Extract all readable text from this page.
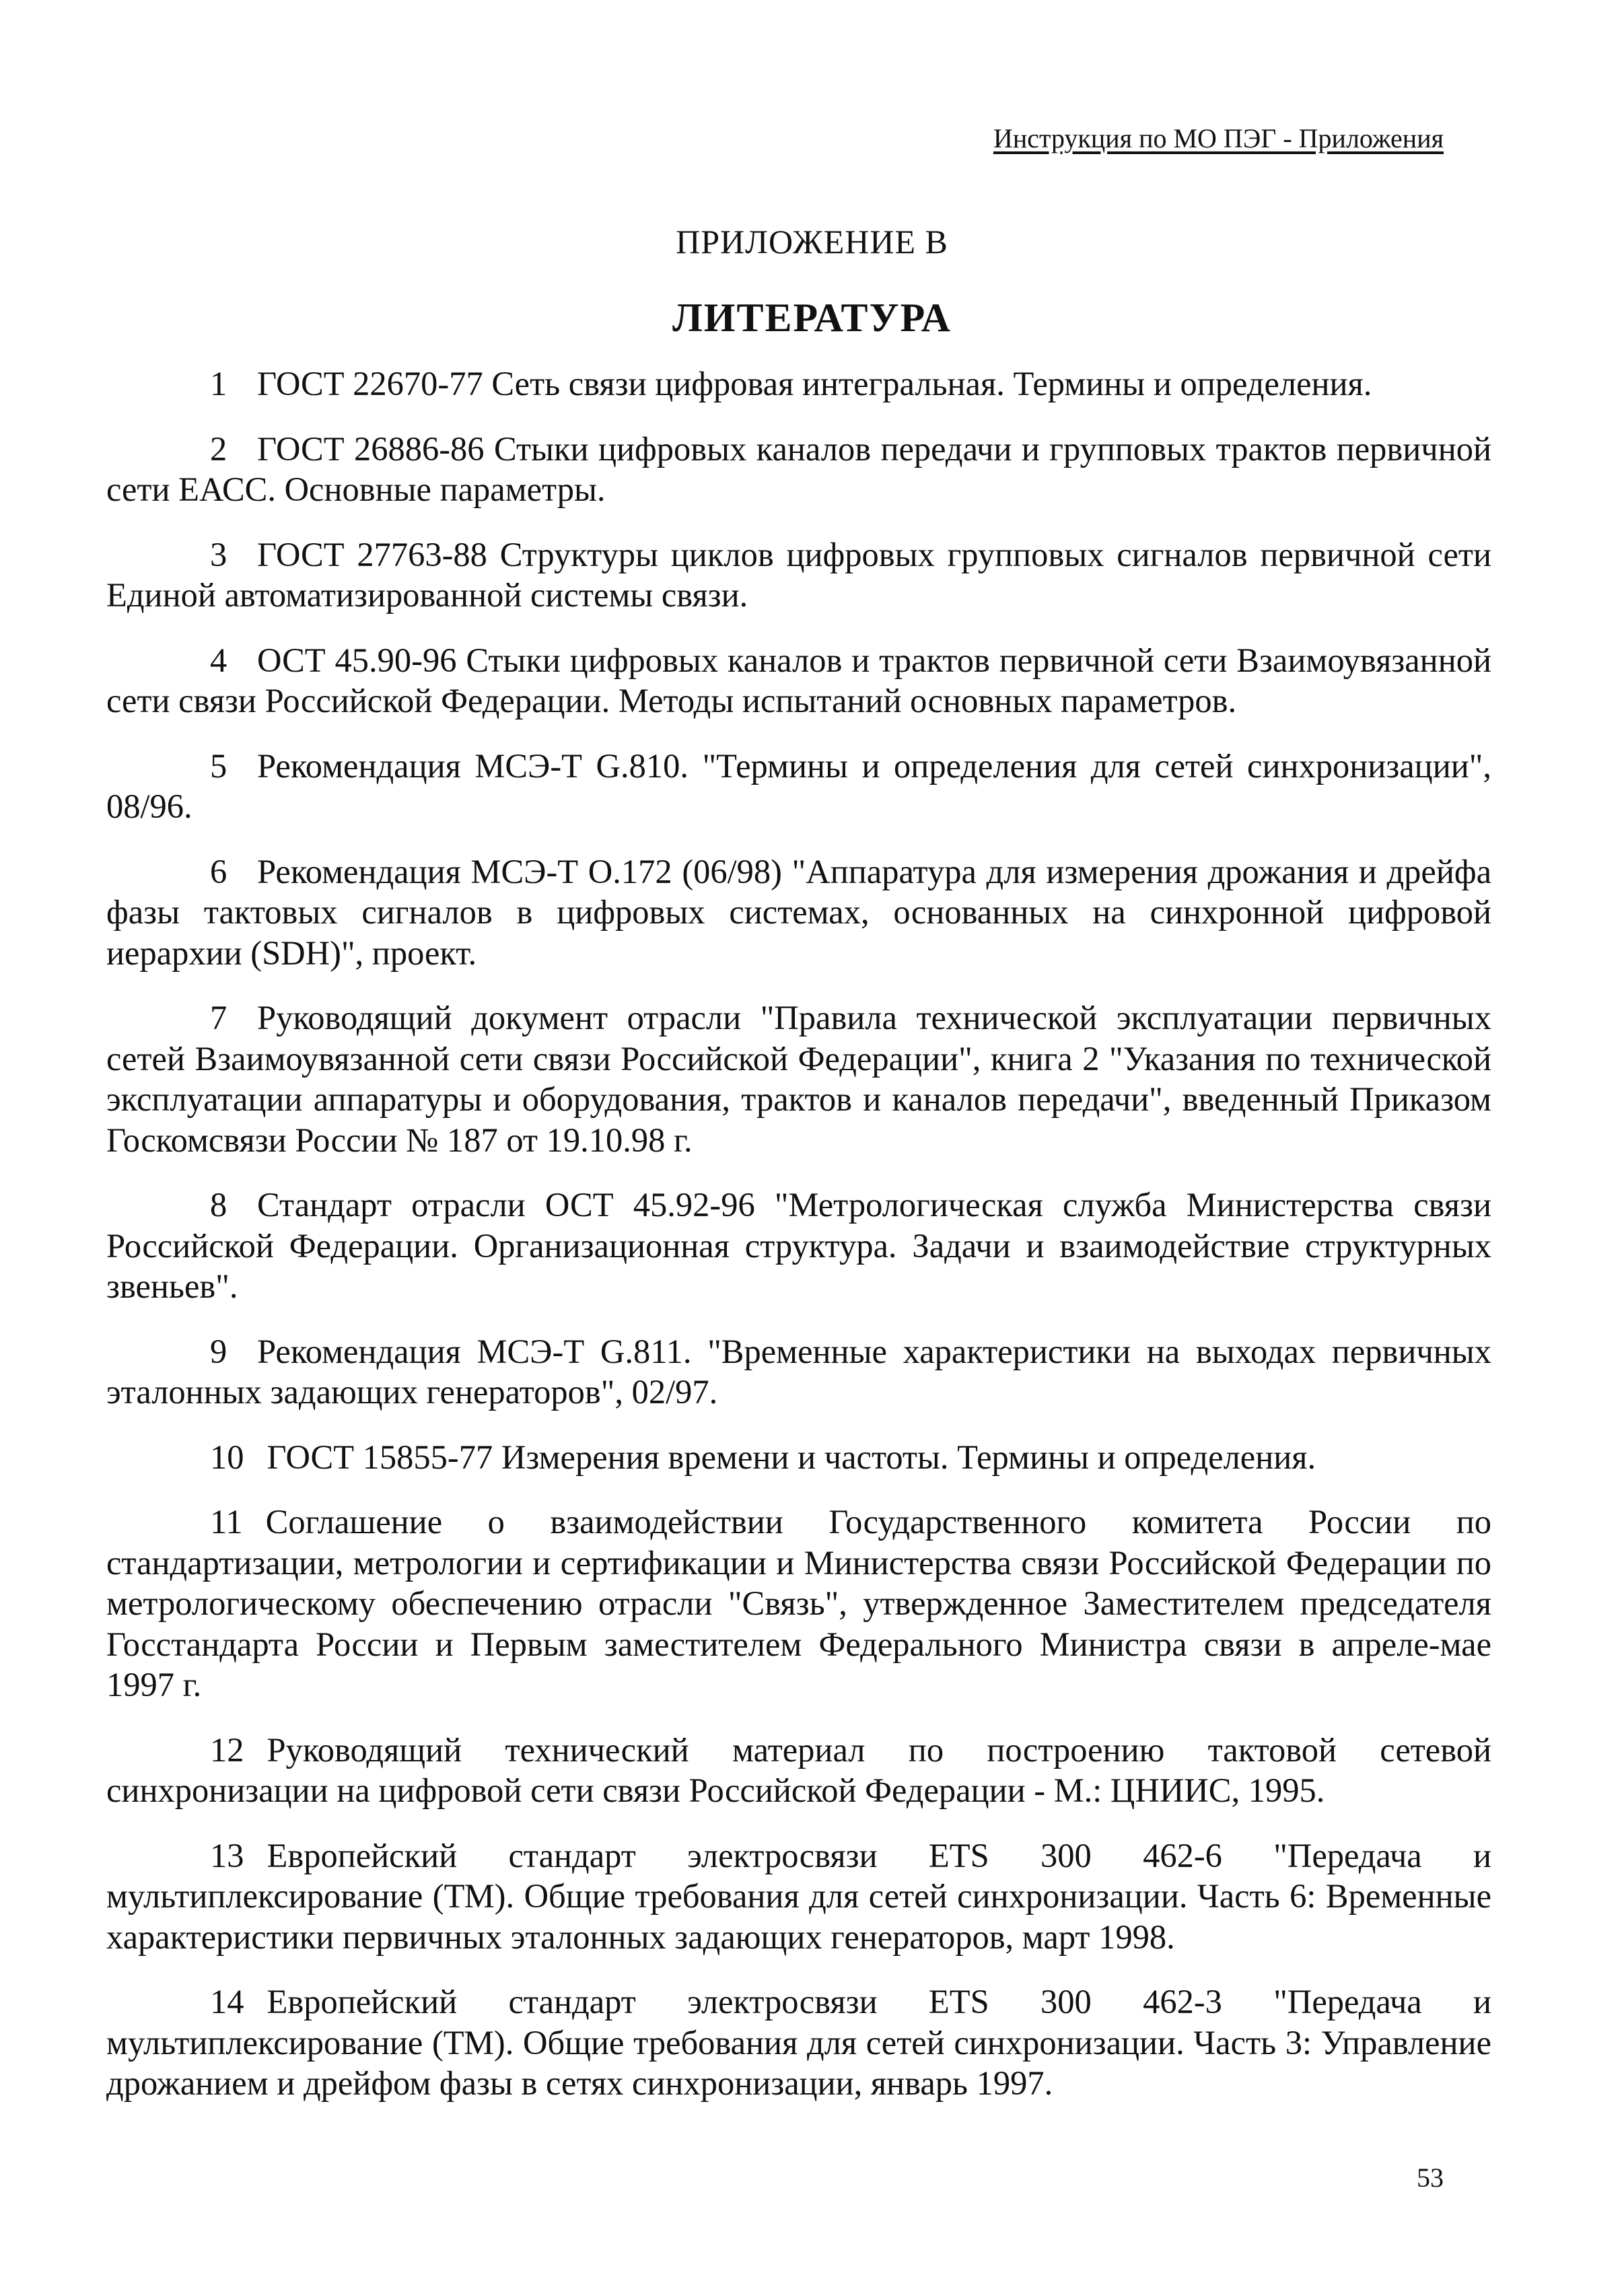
Инструкция по МО ПЭГ - Приложения
ПРИЛОЖЕНИЕ В
ЛИТЕРАТУРА
1 ГОСТ 22670-77 Сеть связи цифровая интегральная. Термины и определения.
2 ГОСТ 26886-86 Стыки цифровых каналов передачи и групповых трактов первичной сети ЕАСС. Основные параметры.
3 ГОСТ 27763-88 Структуры циклов цифровых групповых сигналов первичной сети Единой автоматизированной системы связи.
4 ОСТ 45.90-96 Стыки цифровых каналов и трактов первичной сети Взаимоувязанной сети связи Российской Федерации. Методы испытаний основных параметров.
5 Рекомендация МСЭ-Т G.810. "Термины и определения для сетей синхронизации", 08/96.
6 Рекомендация МСЭ-Т O.172 (06/98) "Аппаратура для измерения дрожания и дрейфа фазы тактовых сигналов в цифровых системах, основанных на синхронной цифровой иерархии (SDH)", проект.
7 Руководящий документ отрасли "Правила технической эксплуатации первичных сетей Взаимоувязанной сети связи Российской Федерации", книга 2 "Указания по технической эксплуатации аппаратуры и оборудования, трактов и каналов передачи", введенный Приказом Госкомсвязи России № 187 от 19.10.98 г.
8 Стандарт отрасли ОСТ 45.92-96 "Метрологическая служба Министерства связи Российской Федерации. Организационная структура. Задачи и взаимодействие структурных звеньев".
9 Рекомендация МСЭ-Т G.811. "Временные характеристики на выходах первичных эталонных задающих генераторов", 02/97.
10 ГОСТ 15855-77 Измерения времени и частоты. Термины и определения.
11 Соглашение о взаимодействии Государственного комитета России по стандартизации, метрологии и сертификации и Министерства связи Российской Федерации по метрологическому обеспечению отрасли "Связь", утвержденное Заместителем председателя Госстандарта России и Первым заместителем Федерального Министра связи в апреле-мае 1997 г.
12 Руководящий технический материал по построению тактовой сетевой синхронизации на цифровой сети связи Российской Федерации - М.: ЦНИИС, 1995.
13 Европейский стандарт электросвязи ETS 300 462-6 "Передача и мультиплексирование (ТМ). Общие требования для сетей синхронизации. Часть 6: Временные характеристики первичных эталонных задающих генераторов, март 1998.
14 Европейский стандарт электросвязи ETS 300 462-3 "Передача и мультиплексирование (ТМ). Общие требования для сетей синхронизации. Часть 3: Управление дрожанием и дрейфом фазы в сетях синхронизации, январь 1997.
53
